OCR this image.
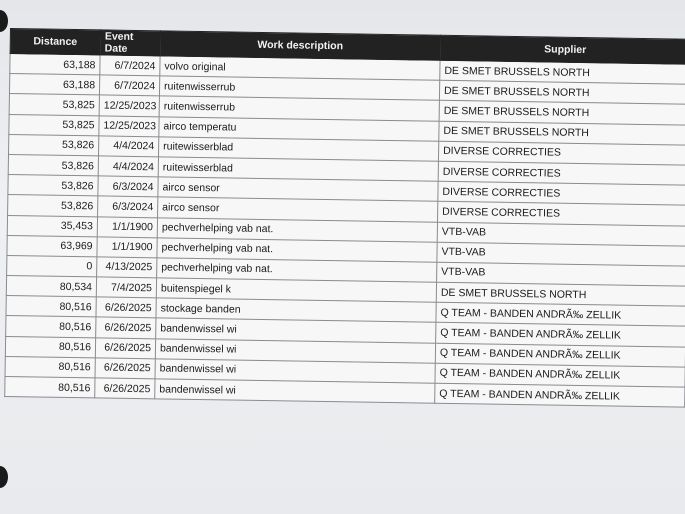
Distance	Event Date	Work description	Supplier
63,188	6/7/2024	volvo original	DE SMET BRUSSELS NORTH
63,188	6/7/2024	ruitenwisserrub	DE SMET BRUSSELS NORTH
53,825	12/25/2023	ruitenwisserrub	DE SMET BRUSSELS NORTH
53,825	12/25/2023	airco temperatu	DE SMET BRUSSELS NORTH
53,826	4/4/2024	ruitewisserblad	DIVERSE CORRECTIES
53,826	4/4/2024	ruitewisserblad	DIVERSE CORRECTIES
53,826	6/3/2024	airco sensor	DIVERSE CORRECTIES
53,826	6/3/2024	airco sensor	DIVERSE CORRECTIES
35,453	1/1/1900	pechverhelping vab nat.	VTB-VAB
63,969	1/1/1900	pechverhelping vab nat.	VTB-VAB
0	4/13/2025	pechverhelping vab nat.	VTB-VAB
80,534	7/4/2025	buitenspiegel k	DE SMET BRUSSELS NORTH
80,516	6/26/2025	stockage banden	Q TEAM - BANDEN ANDRÃ‰ ZELLIK
80,516	6/26/2025	bandenwissel wi	Q TEAM - BANDEN ANDRÃ‰ ZELLIK
80,516	6/26/2025	bandenwissel wi	Q TEAM - BANDEN ANDRÃ‰ ZELLIK
80,516	6/26/2025	bandenwissel wi	Q TEAM - BANDEN ANDRÃ‰ ZELLIK
80,516	6/26/2025	bandenwissel wi	Q TEAM - BANDEN ANDRÃ‰ ZELLIK
